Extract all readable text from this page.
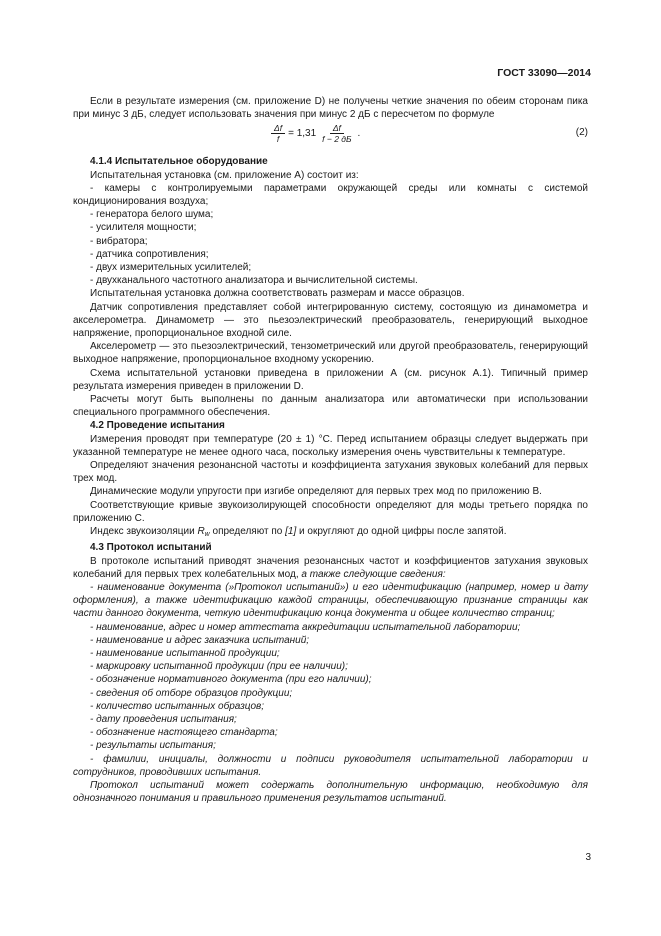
ГОСТ 33090—2014

Если в результате измерения (см. приложение D) не получены четкие значения по обеим сторонам пика при минус 3 дБ, следует использовать значения при минус 2 дБ с пересчетом по формуле

$\frac{\Delta f}{f} = 1,31 \frac{\Delta f}{f - 2 дБ}$ .	(2)

4.1.4 Испытательное оборудование

Испытательная установка (см. приложение А) состоит из:

- камеры с контролируемыми параметрами окружающей среды или комнаты с системой кондиционирования воздуха;

- генератора белого шума;

- усилителя мощности;

- вибратора;

- датчика сопротивления;

- двух измерительных усилителей;

- двухканального частотного анализатора и вычислительной системы.

Испытательная установка должна соответствовать размерам и массе образцов.

Датчик сопротивления представляет собой интегрированную систему, состоящую из динамометра и акселерометра. Динамометр — это пьезоэлектрический преобразователь, генерирующий выходное напряжение, пропорциональное входной силе.

Акселерометр — это пьезоэлектрический, тензометрический или другой преобразователь, генерирующий выходное напряжение, пропорциональное входному ускорению.

Схема испытательной установки приведена в приложении А (см. рисунок А.1). Типичный пример результата измерения приведен в приложении D.

Расчеты могут быть выполнены по данным анализатора или автоматически при использовании специального программного обеспечения.

4.2 Проведение испытания

Измерения проводят при температуре (20 ± 1) °С. Перед испытанием образцы следует выдержать при указанной температуре не менее одного часа, поскольку измерения очень чувствительны к температуре.

Определяют значения резонансной частоты и коэффициента затухания звуковых колебаний для первых трех мод.

Динамические модули упругости при изгибе определяют для первых трех мод по приложению В.

Соответствующие кривые звукоизолирующей способности определяют для моды третьего порядка по приложению С.

Индекс звукоизоляции $R_w$ определяют по [1] и округляют до одной цифры после запятой.

4.3 Протокол испытаний

В протоколе испытаний приводят значения резонансных частот и коэффициентов затухания звуковых колебаний для первых трех колебательных мод, а также следующие сведения:

- наименование документа (»Протокол испытаний») и его идентификацию (например, номер и дату оформления), а также идентификацию каждой страницы, обеспечивающую признание страницы как части данного документа, четкую идентификацию конца документа и общее количество страниц;

- наименование, адрес и номер аттестата аккредитации испытательной лаборатории;

- наименование и адрес заказчика испытаний;

- наименование испытанной продукции;

- маркировку испытанной продукции (при ее наличии);

- обозначение нормативного документа (при его наличии);

- сведения об отборе образцов продукции;

- количество испытанных образцов;

- дату проведения испытания;

- обозначение настоящего стандарта;

- результаты испытания;

- фамилии, инициалы, должности и подписи руководителя испытательной лаборатории и сотрудников, проводивших испытания.

Протокол испытаний может содержать дополнительную информацию, необходимую для однозначного понимания и правильного применения результатов испытаний.

3
